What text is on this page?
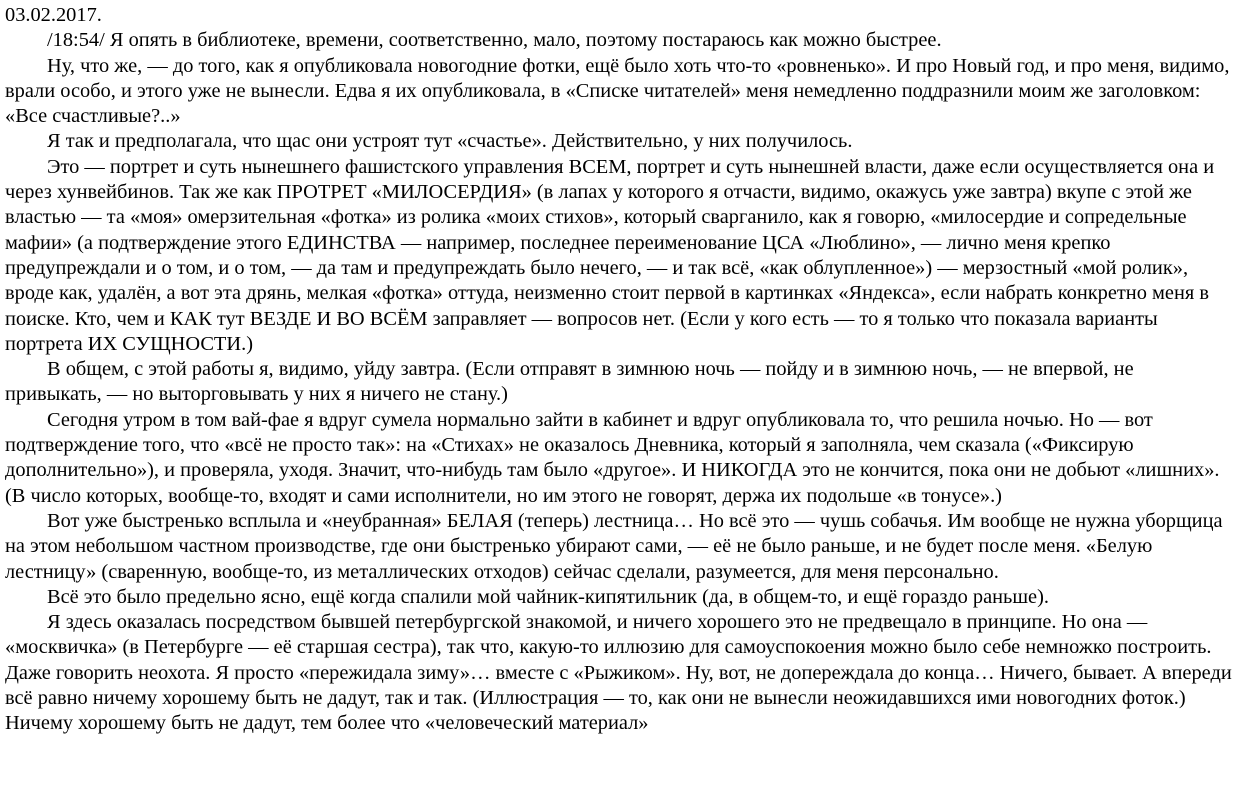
03.02.2017.

/18:54/ Я опять в библиотеке, времени, соответственно, мало, поэтому постараюсь как можно быстрее.

Ну, что же, — до того, как я опубликовала новогодние фотки, ещё было хоть что-то «ровненько». И про Новый год, и про меня, видимо, врали особо, и этого уже не вынесли. Едва я их опубликовала, в «Списке читателей» меня немедленно поддразнили моим же заголовком: «Все счастливые?..»

Я так и предполагала, что щас они устроят тут «счастье». Действительно, у них получилось.

Это — портрет и суть нынешнего фашистского управления ВСЕМ, портрет и суть нынешней власти, даже если осуществляется она и через хунвейбинов. Так же как ПРОТРЕТ «МИЛОСЕРДИЯ» (в лапах у которого я отчасти, видимо, окажусь уже завтра) вкупе с этой же властью — та «моя» омерзительная «фотка» из ролика «моих стихов», который сварганило, как я говорю, «милосердие и сопредельные мафии» (а подтверждение этого ЕДИНСТВА — например, последнее переименование ЦСА «Люблино», — лично меня крепко предупреждали и о том, и о том, — да там и предупреждать было нечего, — и так всё, «как облупленное») — мерзостный «мой ролик», вроде как, удалён, а вот эта дрянь, мелкая «фотка» оттуда, неизменно стоит первой в картинках «Яндекса», если набрать конкретно меня в поиске. Кто, чем и КАК тут ВЕЗДЕ И ВО ВСЁМ заправляет — вопросов нет. (Если у кого есть — то я только что показала варианты портрета ИХ СУЩНОСТИ.)

В общем, с этой работы я, видимо, уйду завтра. (Если отправят в зимнюю ночь — пойду и в зимнюю ночь, — не впервой, не привыкать, — но выторговывать у них я ничего не стану.)

Сегодня утром в том вай-фае я вдруг сумела нормально зайти в кабинет и вдруг опубликовала то, что решила ночью. Но — вот подтверждение того, что «всё не просто так»: на «Стихах» не оказалось Дневника, который я заполняла, чем сказала («Фиксирую дополнительно»), и проверяла, уходя. Значит, что-нибудь там было «другое». И НИКОГДА это не кончится, пока они не добьют «лишних». (В число которых, вообще-то, входят и сами исполнители, но им этого не говорят, держа их подольше «в тонусе».)

Вот уже быстренько всплыла и «неубранная» БЕЛАЯ (теперь) лестница… Но всё это — чушь собачья. Им вообще не нужна уборщица на этом небольшом частном производстве, где они быстренько убирают сами, — её не было раньше, и не будет после меня. «Белую лестницу» (сваренную, вообще-то, из металлических отходов) сейчас сделали, разумеется, для меня персонально.

Всё это было предельно ясно, ещё когда спалили мой чайник-кипятильник (да, в общем-то, и ещё гораздо раньше).

Я здесь оказалась посредством бывшей петербургской знакомой, и ничего хорошего это не предвещало в принципе. Но она — «москвичка» (в Петербурге — её старшая сестра), так что, какую-то иллюзию для самоуспокоения можно было себе немножко построить. Даже говорить неохота. Я просто «пережидала зиму»… вместе с «Рыжиком». Ну, вот, не допереждала до конца… Ничего, бывает. А впереди всё равно ничему хорошему быть не дадут, так и так. (Иллюстрация — то, как они не вынесли неожидавшихся ими новогодних фоток.) Ничему хорошему быть не дадут, тем более что «человеческий материал»
